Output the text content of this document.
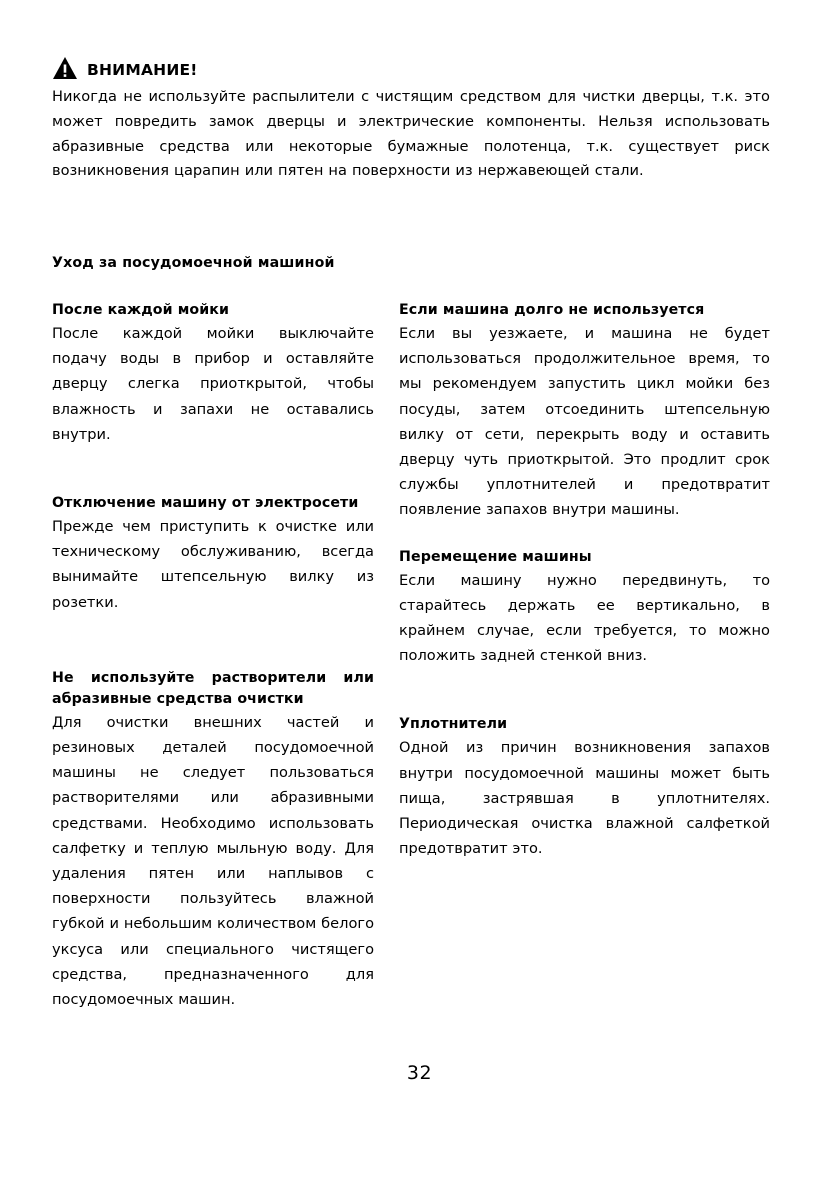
ВНИМАНИЕ!
Никогда не используйте распылители с чистящим средством для чистки дверцы, т.к. это может повредить замок дверцы и электрические компоненты. Нельзя использовать абразивные средства или некоторые бумажные полотенца, т.к. существует риск возникновения царапин или пятен на поверхности из нержавеющей стали.
Уход за посудомоечной машиной
После каждой мойки
После каждой мойки выключайте подачу воды в прибор и оставляйте дверцу слегка приоткрытой, чтобы влажность и запахи не оставались внутри.
Отключение машину от электросети
Прежде чем приступить к очистке или техническому обслуживанию, всегда вынимайте штепсельную вилку из розетки.
Не используйте растворители или абразивные средства очистки
Для очистки внешних частей и резиновых деталей посудомоечной машины не следует пользоваться растворителями или абразивными средствами. Необходимо использовать салфетку и теплую мыльную воду. Для удаления пятен или наплывов с поверхности пользуйтесь влажной губкой и небольшим количеством белого уксуса или специального чистящего средства, предназначенного для посудомоечных машин.
Если машина долго не используется
Если вы уезжаете, и машина не будет использоваться продолжительное время, то мы рекомендуем запустить цикл мойки без посуды, затем отсоединить штепсельную вилку от сети, перекрыть воду и оставить дверцу чуть приоткрытой. Это продлит срок службы уплотнителей и предотвратит появление запахов внутри машины.
Перемещение машины
Если машину нужно передвинуть, то старайтесь держать ее вертикально, в крайнем случае, если требуется, то можно положить задней стенкой вниз.
Уплотнители
Одной из причин возникновения запахов внутри посудомоечной машины может быть пища, застрявшая в уплотнителях. Периодическая очистка влажной салфеткой предотвратит это.
32
